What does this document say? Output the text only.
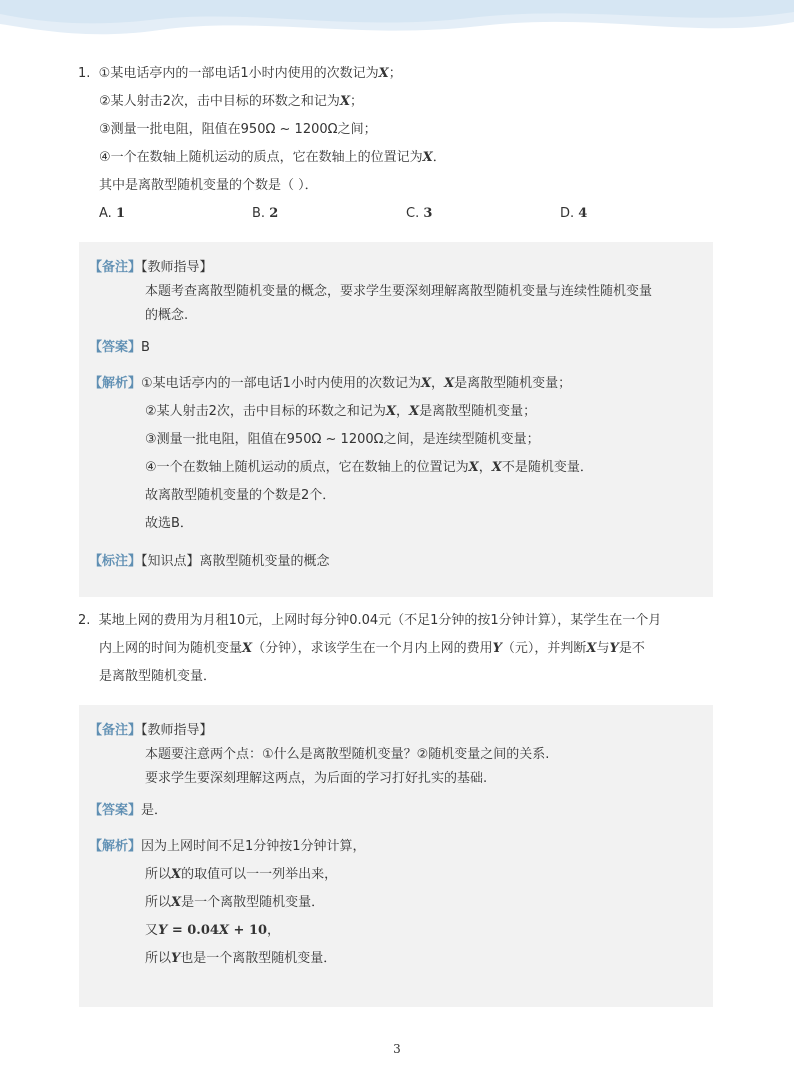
1. ①某电话亭内的一部电话1小时内使用的次数记为X；
②某人射击2次，击中目标的环数之和记为X；
③测量一批电阻，阻值在950Ω ~ 1200Ω之间；
④一个在数轴上随机运动的质点，它在数轴上的位置记为X．
其中是离散型随机变量的个数是（ ）．
A. 1	B. 2	C. 3	D. 4
【备注】【教师指导】
本题考查离散型随机变量的概念，要求学生要深刻理解离散型随机变量与连续性随机变量
的概念.
【答案】B
【解析】①某电话亭内的一部电话1小时内使用的次数记为X，X是离散型随机变量；
②某人射击2次，击中目标的环数之和记为X，X是离散型随机变量；
③测量一批电阻，阻值在950Ω ~ 1200Ω之间，是连续型随机变量；
④一个在数轴上随机运动的质点，它在数轴上的位置记为X，X不是随机变量．
故离散型随机变量的个数是2个．
故选B．
【标注】【知识点】离散型随机变量的概念
2. 某地上网的费用为月租10元，上网时每分钟0.04元（不足1分钟的按1分钟计算），某学生在一个月
内上网的时间为随机变量X（分钟），求该学生在一个月内上网的费用Y（元），并判断X与Y是不
是离散型随机变量．
【备注】【教师指导】
本题要注意两个点：①什么是离散型随机变量？②随机变量之间的关系.
要求学生要深刻理解这两点，为后面的学习打好扎实的基础.
【答案】是．
【解析】因为上网时间不足1分钟按1分钟计算，
所以X的取值可以一一列举出来，
所以X是一个离散型随机变量．
又Y = 0.04X + 10，
所以Y也是一个离散型随机变量．
3
